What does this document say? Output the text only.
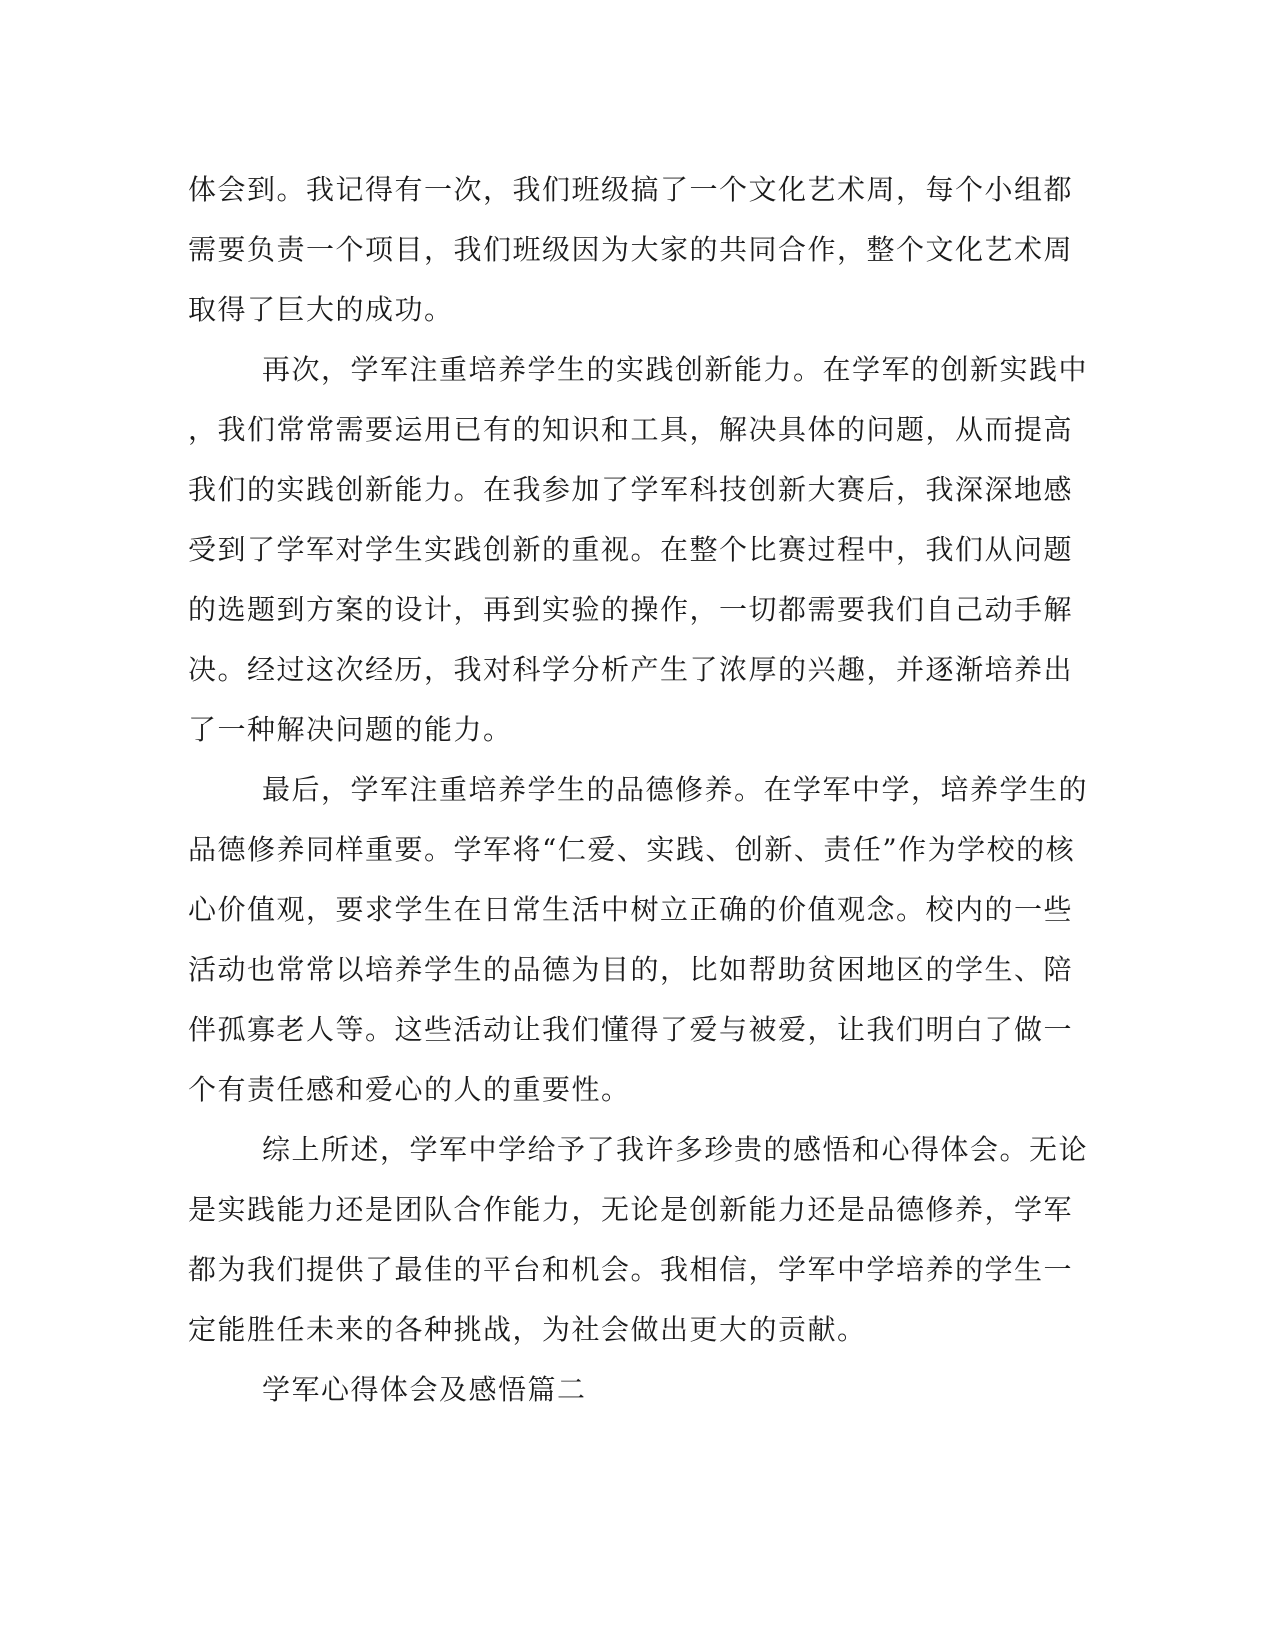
体会到。我记得有一次，我们班级搞了一个文化艺术周，每个小组都
需要负责一个项目，我们班级因为大家的共同合作，整个文化艺术周
取得了巨大的成功。
再次，学军注重培养学生的实践创新能力。在学军的创新实践中
，我们常常需要运用已有的知识和工具，解决具体的问题，从而提高
我们的实践创新能力。在我参加了学军科技创新大赛后，我深深地感
受到了学军对学生实践创新的重视。在整个比赛过程中，我们从问题
的选题到方案的设计，再到实验的操作，一切都需要我们自己动手解
决。经过这次经历，我对科学分析产生了浓厚的兴趣，并逐渐培养出
了一种解决问题的能力。
最后，学军注重培养学生的品德修养。在学军中学，培养学生的
品德修养同样重要。学军将“仁爱、实践、创新、责任”作为学校的核
心价值观，要求学生在日常生活中树立正确的价值观念。校内的一些
活动也常常以培养学生的品德为目的，比如帮助贫困地区的学生、陪
伴孤寡老人等。这些活动让我们懂得了爱与被爱，让我们明白了做一
个有责任感和爱心的人的重要性。
综上所述，学军中学给予了我许多珍贵的感悟和心得体会。无论
是实践能力还是团队合作能力，无论是创新能力还是品德修养，学军
都为我们提供了最佳的平台和机会。我相信，学军中学培养的学生一
定能胜任未来的各种挑战，为社会做出更大的贡献。
学军心得体会及感悟篇二
